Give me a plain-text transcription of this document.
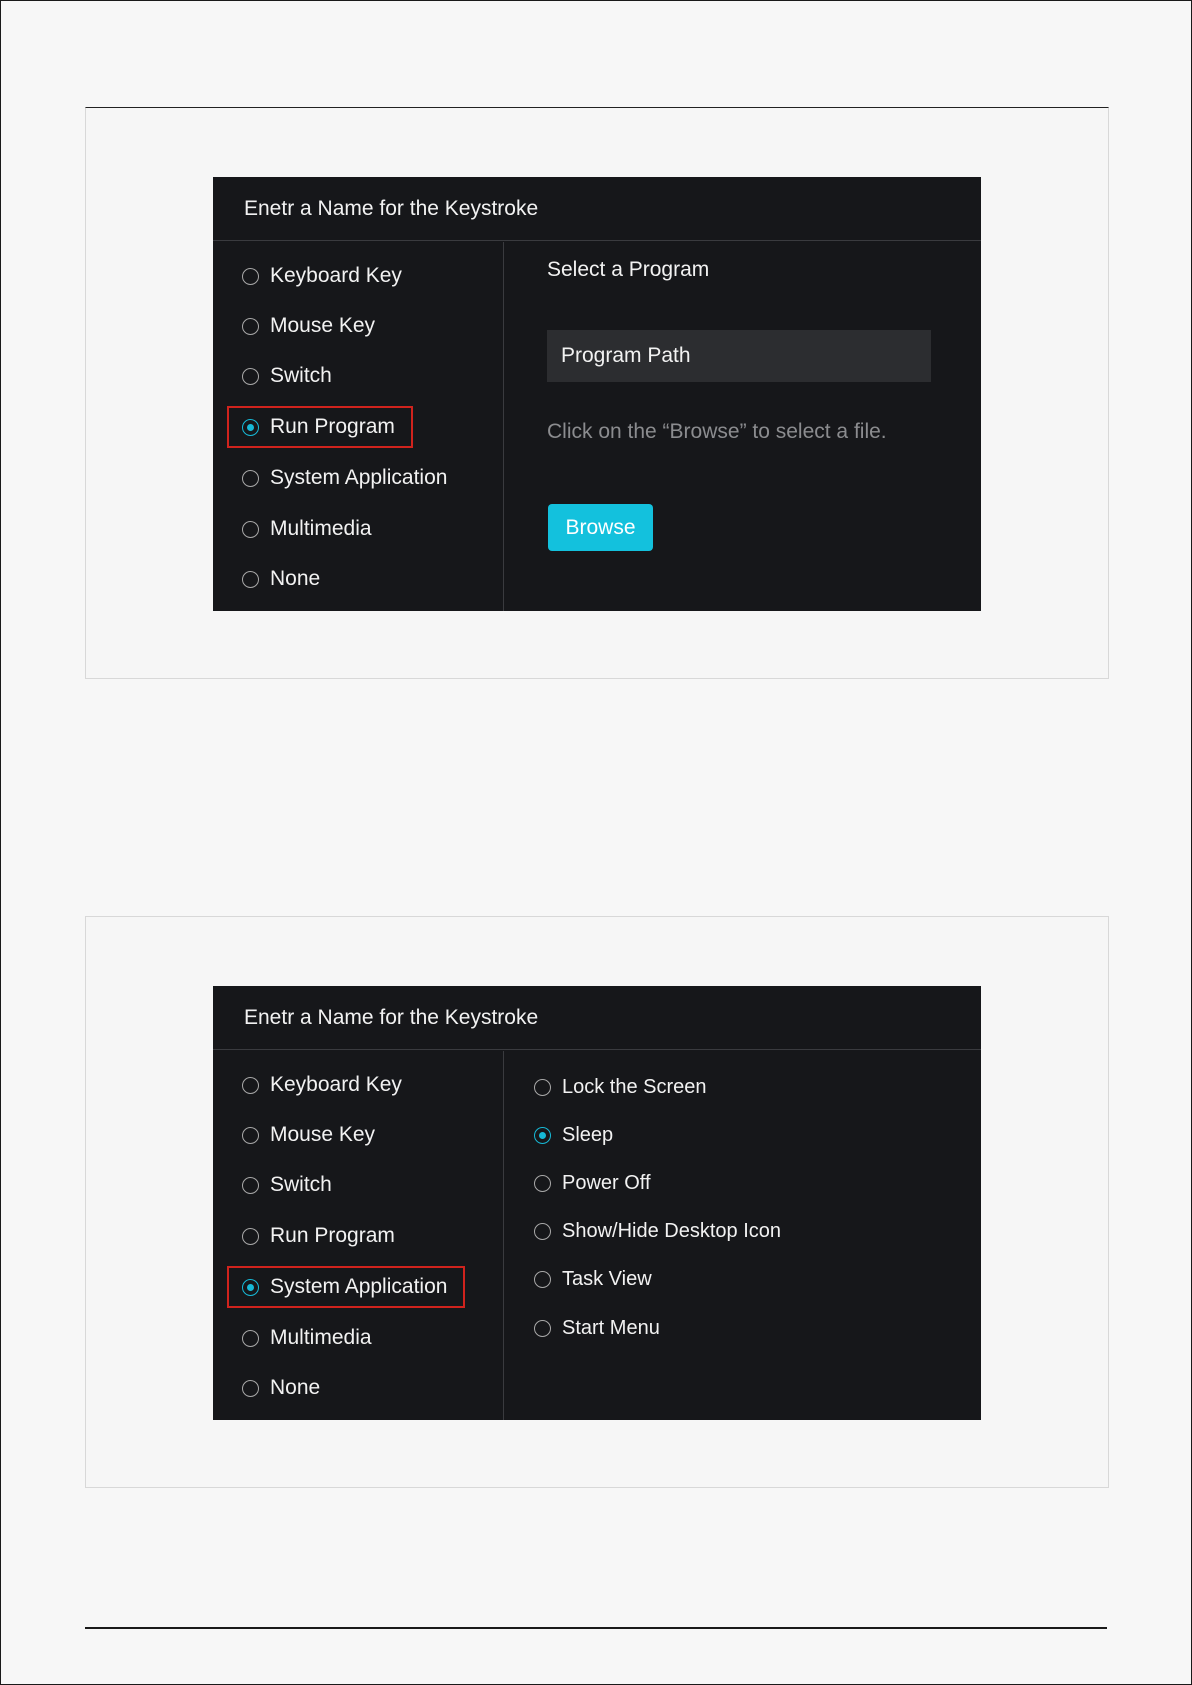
Enetr a Name for the Keystroke
Keyboard Key
Mouse Key
Switch
Run Program
System Application
Multimedia
None
Select a Program
Program Path
Click on the “Browse” to select a file.
Browse
Enetr a Name for the Keystroke
Keyboard Key
Mouse Key
Switch
Run Program
System Application
Multimedia
None
Lock the Screen
Sleep
Power Off
Show/Hide Desktop Icon
Task View
Start Menu
